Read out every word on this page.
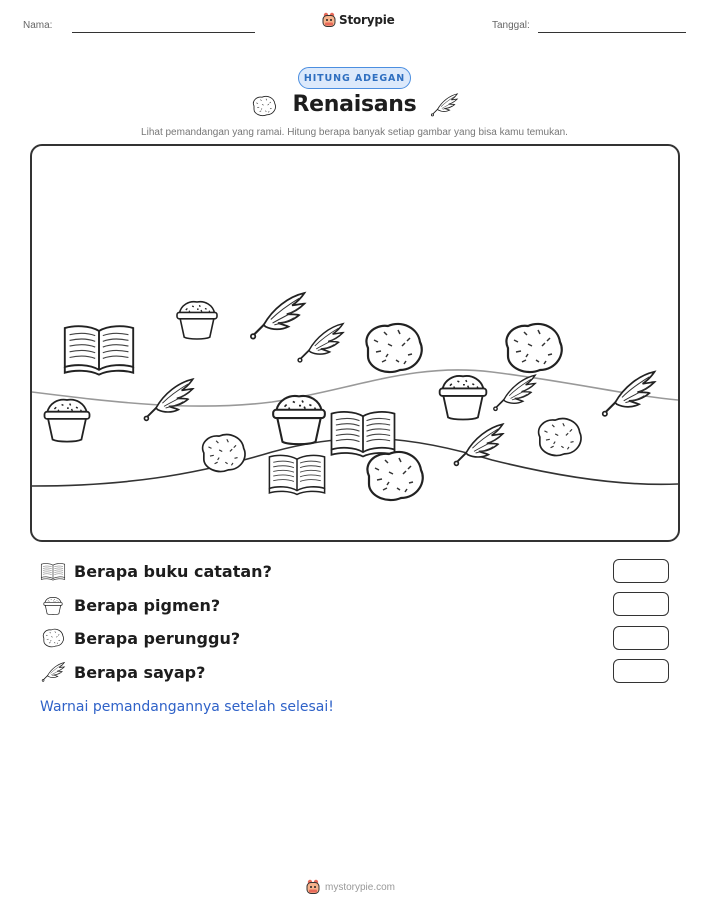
Nama:	Storypie	Tanggal:
HITUNG ADEGAN
Renaisans
Lihat pemandangan yang ramai. Hitung berapa banyak setiap gambar yang bisa kamu temukan.
Berapa buku catatan?
Berapa pigmen?
Berapa perunggu?
Berapa sayap?
Warnai pemandangannya setelah selesai!
mystorypie.com
